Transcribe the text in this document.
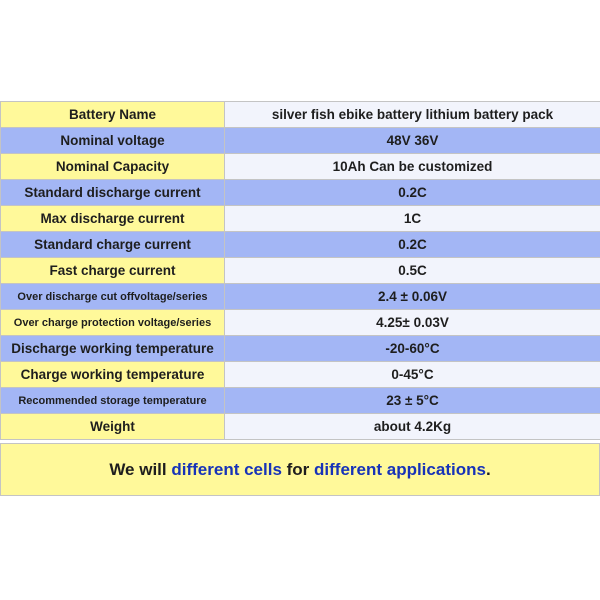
Battery Name	silver fish ebike battery lithium battery pack
Nominal voltage	48V 36V
Nominal Capacity	10Ah Can be customized
Standard discharge current	0.2C
Max discharge current	1C
Standard charge current	0.2C
Fast charge current	0.5C
Over discharge cut offvoltage/series	2.4 ± 0.06V
Over charge protection voltage/series	4.25± 0.03V
Discharge working temperature	-20-60°C
Charge working temperature	0-45°C
Recommended storage temperature	23 ± 5°C
Weight	about 4.2Kg
We will different cells for different applications.
